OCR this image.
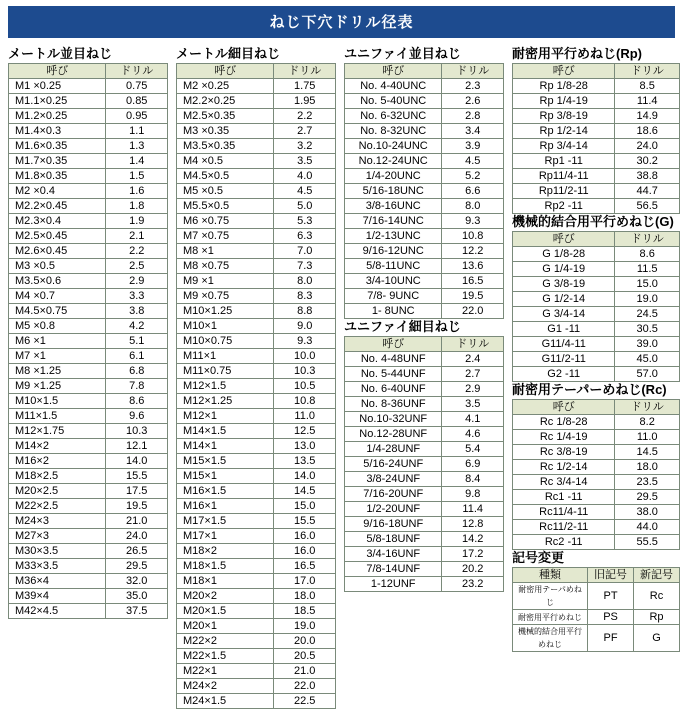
ねじ下穴ドリル径表
メートル並目ねじ
呼び	ドリル
M1 ×0.25	0.75
M1.1×0.25	0.85
M1.2×0.25	0.95
M1.4×0.3	1.1
M1.6×0.35	1.3
M1.7×0.35	1.4
M1.8×0.35	1.5
M2 ×0.4	1.6
M2.2×0.45	1.8
M2.3×0.4	1.9
M2.5×0.45	2.1
M2.6×0.45	2.2
M3 ×0.5	2.5
M3.5×0.6	2.9
M4 ×0.7	3.3
M4.5×0.75	3.8
M5 ×0.8	4.2
M6 ×1	5.1
M7 ×1	6.1
M8 ×1.25	6.8
M9 ×1.25	7.8
M10×1.5	8.6
M11×1.5	9.6
M12×1.75	10.3
M14×2	12.1
M16×2	14.0
M18×2.5	15.5
M20×2.5	17.5
M22×2.5	19.5
M24×3	21.0
M27×3	24.0
M30×3.5	26.5
M33×3.5	29.5
M36×4	32.0
M39×4	35.0
M42×4.5	37.5
メートル細目ねじ
呼び	ドリル
M2 ×0.25	1.75
M2.2×0.25	1.95
M2.5×0.35	2.2
M3 ×0.35	2.7
M3.5×0.35	3.2
M4 ×0.5	3.5
M4.5×0.5	4.0
M5 ×0.5	4.5
M5.5×0.5	5.0
M6 ×0.75	5.3
M7 ×0.75	6.3
M8 ×1	7.0
M8 ×0.75	7.3
M9 ×1	8.0
M9 ×0.75	8.3
M10×1.25	8.8
M10×1	9.0
M10×0.75	9.3
M11×1	10.0
M11×0.75	10.3
M12×1.5	10.5
M12×1.25	10.8
M12×1	11.0
M14×1.5	12.5
M14×1	13.0
M15×1.5	13.5
M15×1	14.0
M16×1.5	14.5
M16×1	15.0
M17×1.5	15.5
M17×1	16.0
M18×2	16.0
M18×1.5	16.5
M18×1	17.0
M20×2	18.0
M20×1.5	18.5
M20×1	19.0
M22×2	20.0
M22×1.5	20.5
M22×1	21.0
M24×2	22.0
M24×1.5	22.5
ユニファイ並目ねじ
呼び	ドリル
No. 4-40UNC	2.3
No. 5-40UNC	2.6
No. 6-32UNC	2.8
No. 8-32UNC	3.4
No.10-24UNC	3.9
No.12-24UNC	4.5
1/4-20UNC	5.2
5/16-18UNC	6.6
3/8-16UNC	8.0
7/16-14UNC	9.3
1/2-13UNC	10.8
9/16-12UNC	12.2
5/8-11UNC	13.6
3/4-10UNC	16.5
7/8- 9UNC	19.5
1- 8UNC	22.0
ユニファイ細目ねじ
呼び	ドリル
No. 4-48UNF	2.4
No. 5-44UNF	2.7
No. 6-40UNF	2.9
No. 8-36UNF	3.5
No.10-32UNF	4.1
No.12-28UNF	4.6
1/4-28UNF	5.4
5/16-24UNF	6.9
3/8-24UNF	8.4
7/16-20UNF	9.8
1/2-20UNF	11.4
9/16-18UNF	12.8
5/8-18UNF	14.2
3/4-16UNF	17.2
7/8-14UNF	20.2
1-12UNF	23.2
耐密用平行めねじ(Rp)
呼び	ドリル
Rp 1/8-28	8.5
Rp 1/4-19	11.4
Rp 3/8-19	14.9
Rp 1/2-14	18.6
Rp 3/4-14	24.0
Rp1 -11	30.2
Rp11/4-11	38.8
Rp11/2-11	44.7
Rp2 -11	56.5
機械的結合用平行めねじ(G)
呼び	ドリル
G 1/8-28	8.6
G 1/4-19	11.5
G 3/8-19	15.0
G 1/2-14	19.0
G 3/4-14	24.5
G1 -11	30.5
G11/4-11	39.0
G11/2-11	45.0
G2 -11	57.0
耐密用テーパーめねじ(Rc)
呼び	ドリル
Rc 1/8-28	8.2
Rc 1/4-19	11.0
Rc 3/8-19	14.5
Rc 1/2-14	18.0
Rc 3/4-14	23.5
Rc1 -11	29.5
Rc11/4-11	38.0
Rc11/2-11	44.0
Rc2 -11	55.5
記号変更
種類	旧記号	新記号
耐密用テーパめねじ	PT	Rc
耐密用平行めねじ	PS	Rp
機械的結合用平行めねじ	PF	G
